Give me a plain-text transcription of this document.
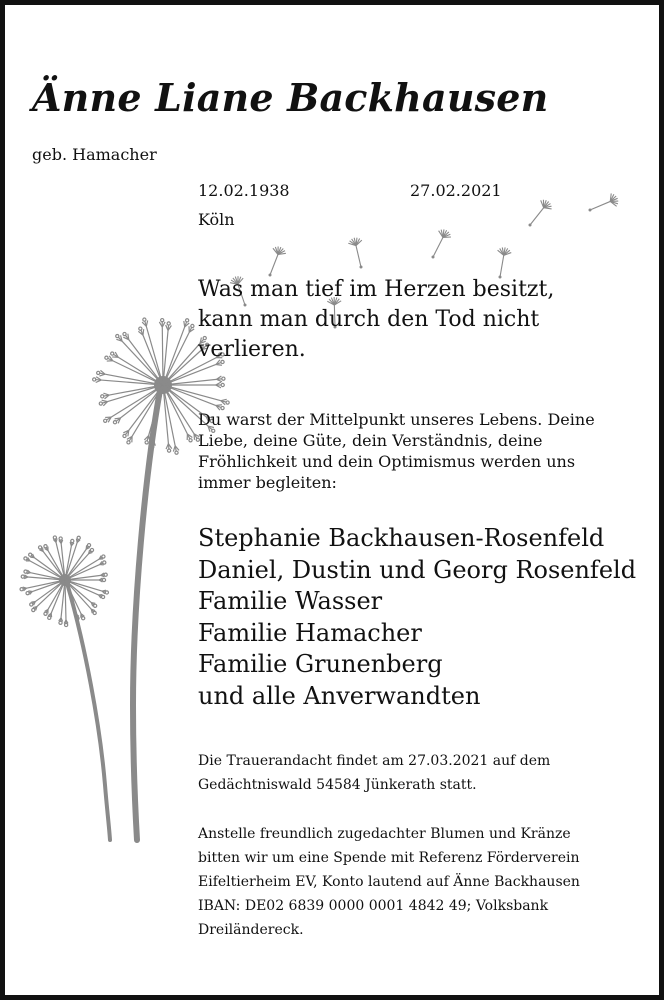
Änne Liane Backhausen
geb. Hamacher
12.02.1938	27.02.2021
Köln
Was man tief im Herzen besitzt,
kann man durch den Tod nicht
verlieren.
Du warst der Mittelpunkt unseres Lebens. Deine
Liebe, deine Güte, dein Verständnis, deine
Fröhlichkeit und dein Optimismus werden uns
immer begleiten:
Stephanie Backhausen-Rosenfeld
Daniel, Dustin und Georg Rosenfeld
Familie Wasser
Familie Hamacher
Familie Grunenberg
und alle Anverwandten
Die Trauerandacht findet am 27.03.2021 auf dem
Gedächtniswald 54584 Jünkerath statt.
Anstelle freundlich zugedachter Blumen und Kränze
bitten wir um eine Spende mit Referenz Förderverein
Eifeltierheim EV, Konto lautend auf Änne Backhausen
IBAN: DE02 6839 0000 0001 4842 49; Volksbank
Dreiländereck.
